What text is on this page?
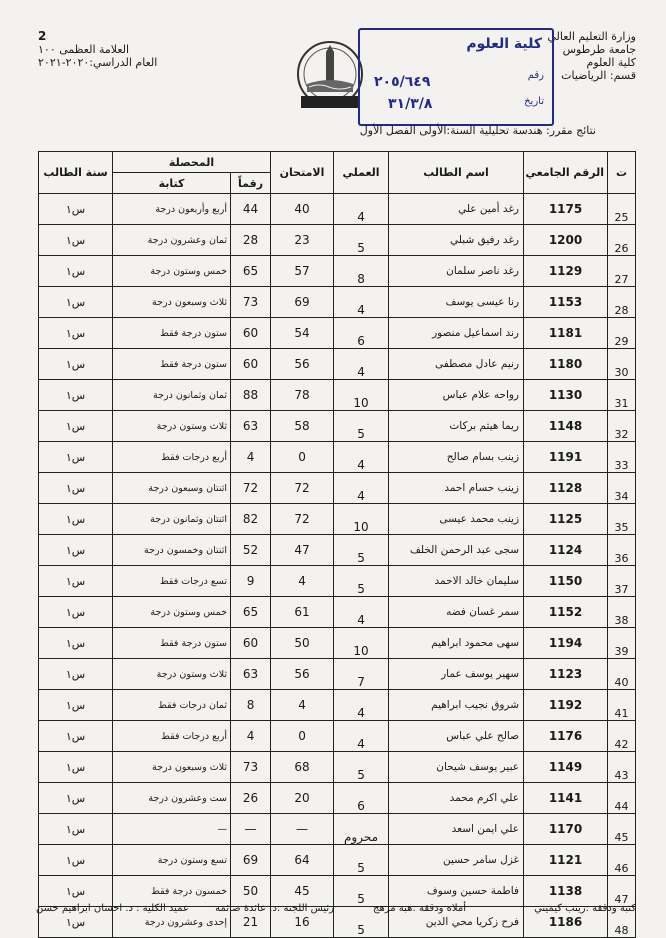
وزارة التعليم العالي
جامعة طرطوس
كلية العلوم
قسم: الرياضيات
2
العلامة العظمى ١٠٠
العام الدراسي:٢٠٢٠-٢٠٢١
كلية العلوم
رقم
٢٠٥/٦٤٩
تاريخ
٣١/٣/٨
نتائج مقرر: هندسة تحليلية السنة:الأولى الفصل الأول
ت	الرقم الجامعي	اسم الطالب	العملي	الامتحان	المحصلة		سنة الطالب
					رقماً	كتابة	
25	1175	رغد أمين علي	4	40	44	أربع وأربعون درجة	س١
26	1200	رغد رفيق شبلي	5	23	28	ثمان وعشرون درجة	س١
27	1129	رغد ناصر سلمان	8	57	65	خمس وستون درجة	س١
28	1153	رنا عيسى يوسف	4	69	73	ثلاث وسبعون درجة	س١
29	1181	رند اسماعيل منصور	6	54	60	ستون درجة فقط	س١
30	1180	رنيم عادل مصطفى	4	56	60	ستون درجة فقط	س١
31	1130	رواحه علام عباس	10	78	88	ثمان وثمانون درجة	س١
32	1148	ريما هيثم بركات	5	58	63	ثلاث وستون درجة	س١
33	1191	زينب بسام صالح	4	0	4	أربع درجات فقط	س١
34	1128	زينب حسام احمد	4	72	72	اثنتان وسبعون درجة	س١
35	1125	زينب محمد عيسى	10	72	82	اثنتان وثمانون درجة	س١
36	1124	سجى عبد الرحمن الخلف	5	47	52	اثنتان وخمسون درجة	س١
37	1150	سليمان خالد الاحمد	5	4	9	تسع درجات فقط	س١
38	1152	سمر غسان فضه	4	61	65	خمس وستون درجة	س١
39	1194	سهى محمود ابراهيم	10	50	60	ستون درجة فقط	س١
40	1123	سهير يوسف عمار	7	56	63	ثلاث وستون درجة	س١
41	1192	شروق نجيب ابراهيم	4	4	8	ثمان درجات فقط	س١
42	1176	صالح علي عباس	4	0	4	أربع درجات فقط	س١
43	1149	عبير يوسف شيحان	5	68	73	ثلاث وسبعون درجة	س١
44	1141	علي اكرم محمد	6	20	26	ست وعشرون درجة	س١
45	1170	علي ايمن اسعد	محروم	—	—	—	س١
46	1121	غزل سامر حسين	5	64	69	تسع وستون درجة	س١
47	1138	فاطمة حسين وسوف	5	45	50	خمسون درجة فقط	س١
48	1186	فرح زكريا محي الدين	5	16	21	إحدى وعشرون درجة	س١
كتبه ودققه :زينب كيميني
أملاه ودققه :هبه مرهج
رئيس اللجنة :د. عائدة صائمة
عميد الكلية : د. احسان ابراهيم حسن
